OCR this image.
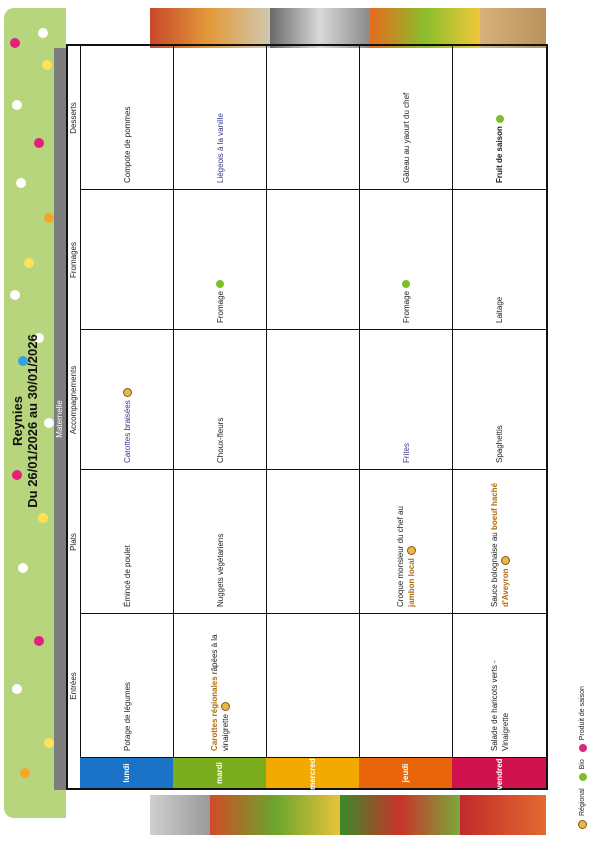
Reynies Du 26/01/2026 au 30/01/2026 Maternelle
Entrées
Plats
Accompagnements
Fromages
Desserts
lundi
Potage de légumes
Émincé de poulet
Carottes braisées
Compote de pommes
mardi
Carottes régionales râpées à la vinaigrette
Nuggets végétariens
Choux-fleurs
Fromage
Liégeois à la vanille
mercredi	jeudi
Croque monsieur du chef au jambon local
Frites
Fromage
Gâteau au yaourt du chef
vendredi
Salade de haricots verts - Vinaigrette
Sauce bolognaise au boeuf haché d'Aveyron
Spaghettis
Laitage
Fruit de saison
Régional
Bio
Produit de saison
